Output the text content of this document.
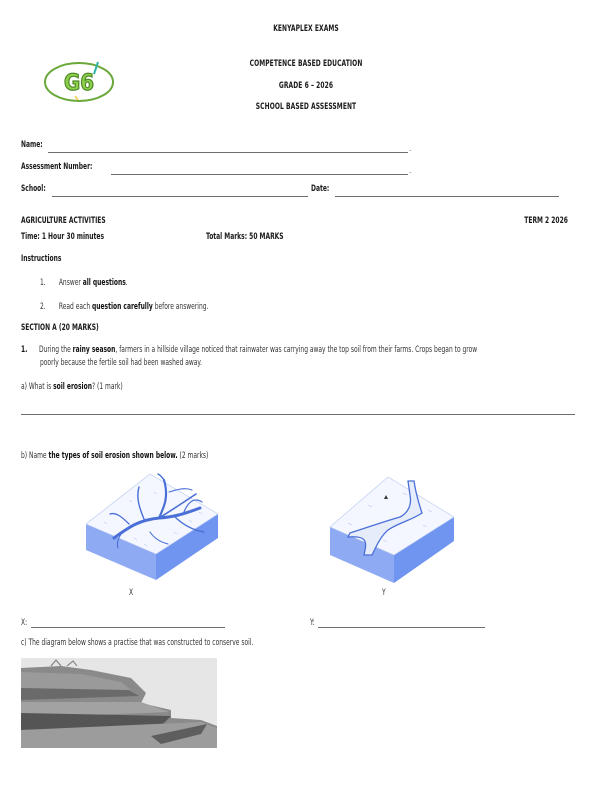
KENYAPLEX EXAMS
G6
COMPETENCE BASED EDUCATION
GRADE 6 – 2026
SCHOOL BASED ASSESSMENT
Name:	.
Assessment Number:	.
School:	Date:
AGRICULTURE ACTIVITIES	TERM 2 2026
Time: 1 Hour 30 minutes	Total Marks: 50 MARKS
Instructions
1. Answer all questions.
2. Read each question carefully before answering.
SECTION A (20 MARKS)
1. During the rainy season, farmers in a hillside village noticed that rainwater was carrying away the top soil from their farms. Crops began to grow
poorly because the fertile soil had been washed away.
a) What is soil erosion? (1 mark)
b) Name the types of soil erosion shown below. (2 marks)
X	Y
X:	Y:
c) The diagram below shows a practise that was constructed to conserve soil.
